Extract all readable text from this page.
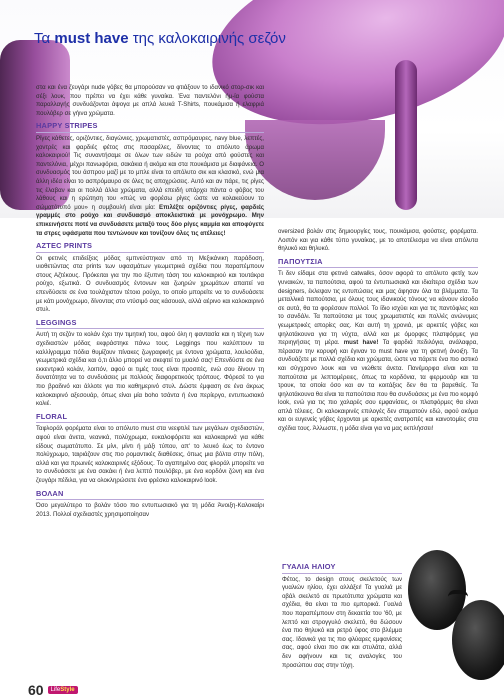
Τα must have της καλοκαιρινής σεζόν

στα και ένα ζευγάρι nude γόβες θα μπορούσαν να φτιάξουν το ιδανικό στορ-σικ και σέξι λουκ, που πρέπει να έχει κάθε γυναίκα. Ένα παντελόνι ήμ-ία φούστα παραλλαγής συνδυάζονται άψογα με απλά λευκά T-Shirts, πουκάμισα ή ελαφριά πουλόβερ σε γήινα χρώματα.

HAPPY STRIPES

Ρίγες κάθετες, οριζόντιες, διαγώνιες, χρωματιστές, ασπρόμαυρες, navy blue, λεπτές, χοντρές και φαρδιές φέτος στις πασαρέλες, δίνοντας το απόλυτο άρωμα καλοκαιριού! Τις συναντήσαμε σε όλων των ειδών τα ρούχα από φούστες και παντελόνια, μέχρι πανωφόρια, σακάκια ή ακόμα και στα πουκάμισα με διαφάνεια. Ο συνδυασμός του άσπρου μαζί με το μπλε είναι το απόλυτο σικ και κλασικό, ενώ μια άλλη ιδέα είναι το ασπρόμαυρο σε όλες τις αποχρώσεις. Αυτό και αν πάρε, τις ρίγες τις έλαβαν και οι πολλά άλλα χρώματα, αλλά επειδή υπάρχει πάντα ο φόβος του λάθους και η ερώτηση του «πώς να φορέσω ρίγες ώστε να κολακεύουν το σώματότυπό μου» η συμβουλή είναι μία: Επιλέξτε οριζόντιες ρίγες, φαρδιές γραμμές στο ρούχο και συνδυασμό αποκλειστικά με μονόχρωμο. Μην επικεινήσετε ποτέ να συνδυάσετε μεταξύ τους δύο ρίγες καμμία και αποφύγετε τα στρες υφάσματα που τεντώνουν και τονίζουν όλες τις ατέλειες!

AZTEC PRINTS

Οι φετινές επιδείξεις μόδας εμπνεύστηκαν από τη Μεξικάνικη παράδοση, υιοθετώντας στα prints των υφασμάτων γεωμετρικά σχέδια που παραπέμπουν στους Αζτέκους. Πρόκειται για την πιο έξυπνη τάση του καλοκαιριού και τουτάκρα ρούχο, εξωτικά. Ο συνδυασμός έντονων και ζωηρών χρωμάτων απαιτεί να επενδύσετε σε ένα τουλάχιστον τέτοιο ρούχο, το οποίο μπορείτε να το συνδυάσετε με κάτι μονόχρωμο, δίνοντας στο ντύσιμό σας κάσουαλ, αλλά αέρινο και καλοκαιρινό στυλ.

LEGGINGS

Αυτή τη σεζόν το κολάν έχει την τιμητική του, αφού όλη η φαντασία και η τέχνη των σχεδιαστών μόδας εκφράστηκε πάνω τους. Leggings που καλύπτουν τα καλλίγραμμα πόδια θυμίζουν πίνακες ζωγραφικής με έντονα χρώματα, λουλούδια, γεωμετρικά σχέδια και ό,τι άλλο μπορεί να σκεφτεί το μυαλό σας! Επενδύστε σε ένα εκκεντρικό κολάν, λοιπόν, αφού οι τιμές τους είναι προσιτές, ενώ σου δίνουν τη δυνατότητα να το συνδυάσεις με πολλούς διαφορετικούς τρόπους. Φόρεσέ το για πιο βραδινό και άλλοτε για πιο καθημερινό στυλ. Δώστε έμφαση σε ένα άκρως καλοκαιρινό αξεσουάρ, όπως είναι μία boho τσάντα ή ένα περίεργο, εντυπωσιακό κολιέ.

FLORAL

Ταφλοράλ φορέματα είναι το απόλυτο must στα νεεφτιλέ των μεγάλων σχεδιαστών, αφού είναι άνετα, νεανικά, πολύχρωμα, ευκαλοφόρετα και καλοκαιρινά για κάθε είδους σωματότυπο. Σε μίνι, μίντι ή μάξι τύπου, απ' το λευκό έως το έντονο πολύχρωμο, ταιριάζουν στις πιο ρομαντικές διαθέσεις, όπως μια βόλτα στην πόλη, αλλά και για πρωινές καλοκαιρινές εξόδους. Το αγαπημένο σας φλοράλ μπορείτε να το συνδυάσετε με ένα σακάκι ή ένα λεπτό πουλόβερ, με ένα κορδόνι ζώνη και ένα ζευγάρι πέδιλα, για να ολοκληρώσετε ένα φρέσκο καλοκαιρινό look.

ΒΟΛΑΝ

Όσο μεγαλύτερο το βολάν τόσο πιο εντυπωσιακό για τη μόδα Άνοιξη-Καλοκαίρι 2013. Πολλοί σχεδιαστές χρησιμοποίησαν

oversized βολάν στις δημιουργίες τους, πουκάμισα, φούστες, φορέματα. Λοιπόν και για κάθε τύπο γυναίκας, με το αποτέλεσμα να είναι απόλυτα θηλυκό και θηλυκό.

ΠΑΠΟΥΤΣΙΑ

Τι δεν είδαμε στα φετινά catwalks, όσον αφορά το απόλυτο φετίχ των γυναικών, τα παπούτσια, αφού τα έντυπωσιακά και ιδιαίτερα σχέδια των designers, έκλεψαν τις εντυπώσεις και μας άφησαν όλα τα βλέμματα. Τα μεταλλικά παπούτσια, με όλους τους ιδανικούς τόνους να κάνουν είσοδο σε αυτά, θα τα φορέσουν πολλοί. Το ίδιο ισχύει και για τις παντόφλες και το σανδάλι. Τα παπούτσια με τους χρωματιστές και πολλές ανώνυμες γεωμετρικές απορίες σας. Και αυτή τη χρονιά, με αρκετές γόβες και ψηλοτάκουνα για τη νύχτα, αλλά και με όμορφες πλατφόρμες για περιηγήσεις τη μέρα. must have! Τα φαρδιά πεδιλόγια, ανάλαφρα, πέρασαν την κορυφή και έγιναν το must have για τη φετινή άνοιξη. Τα συνδυάζετε με πολλά σχέδια και χρώματα, ώστε να πάρετε ένα πιο αστικό και σύγχρονο λουκ και να νιώθετε άνετα. Πανέμορφα είναι και τα παπούτσια με λεπτομέρειες, όπως τα κορδόνια, τα φερμουάρ και τα τρουκ, τα οποία όσο και αν τα κοιτάξεις δεν θα τα βαρεθείς. Τα ψηλοτάκουνα θα είναι τα παπούτσια που θα συνδυάσεις με ένα πιο κομψό look, ενώ για τις πιο χαλαρές σου εμφανίσεις, οι πλατφόρμες θα είναι απλά τέλειες. Οι καλοκαιρινές επιλογές δεν σταματούν εδώ, αφού ακόμα και οι ευγενείς γόβες έρχονται με αρκετές ανατροπές και καινοτομίες στα σχέδια τους. Άλλωστε, η μόδα είναι για να μας εκπλήσσει!

ΓΥΑΛΙΑ ΗΛΙΟΥ

Φέτος, το design στους σκελετούς των γυαλιών ηλίου, έχει αλλάξει! Τα γυαλιά με οβάλ σκελετό σε πρωτότυπα χρώματα και σχέδια, θα είναι τα πιο εμπορικά. Γυαλιά που παραπέμπουν στη δεκαετία του '60, με λεπτό και στρογγυλό σκελετό, θα δώσουν ένα πιο θηλυκό και ρετρό ύφος στο βλέμμα σας. Ιδανικά για τις πιο φλύαρες εμφανίσεις σας, αφού είναι πιο σικ και στυλάτα, αλλά δεν αφήνουν και τις αναλογίες του προσώπου σας στην τύχη.

60	LifeStyle
